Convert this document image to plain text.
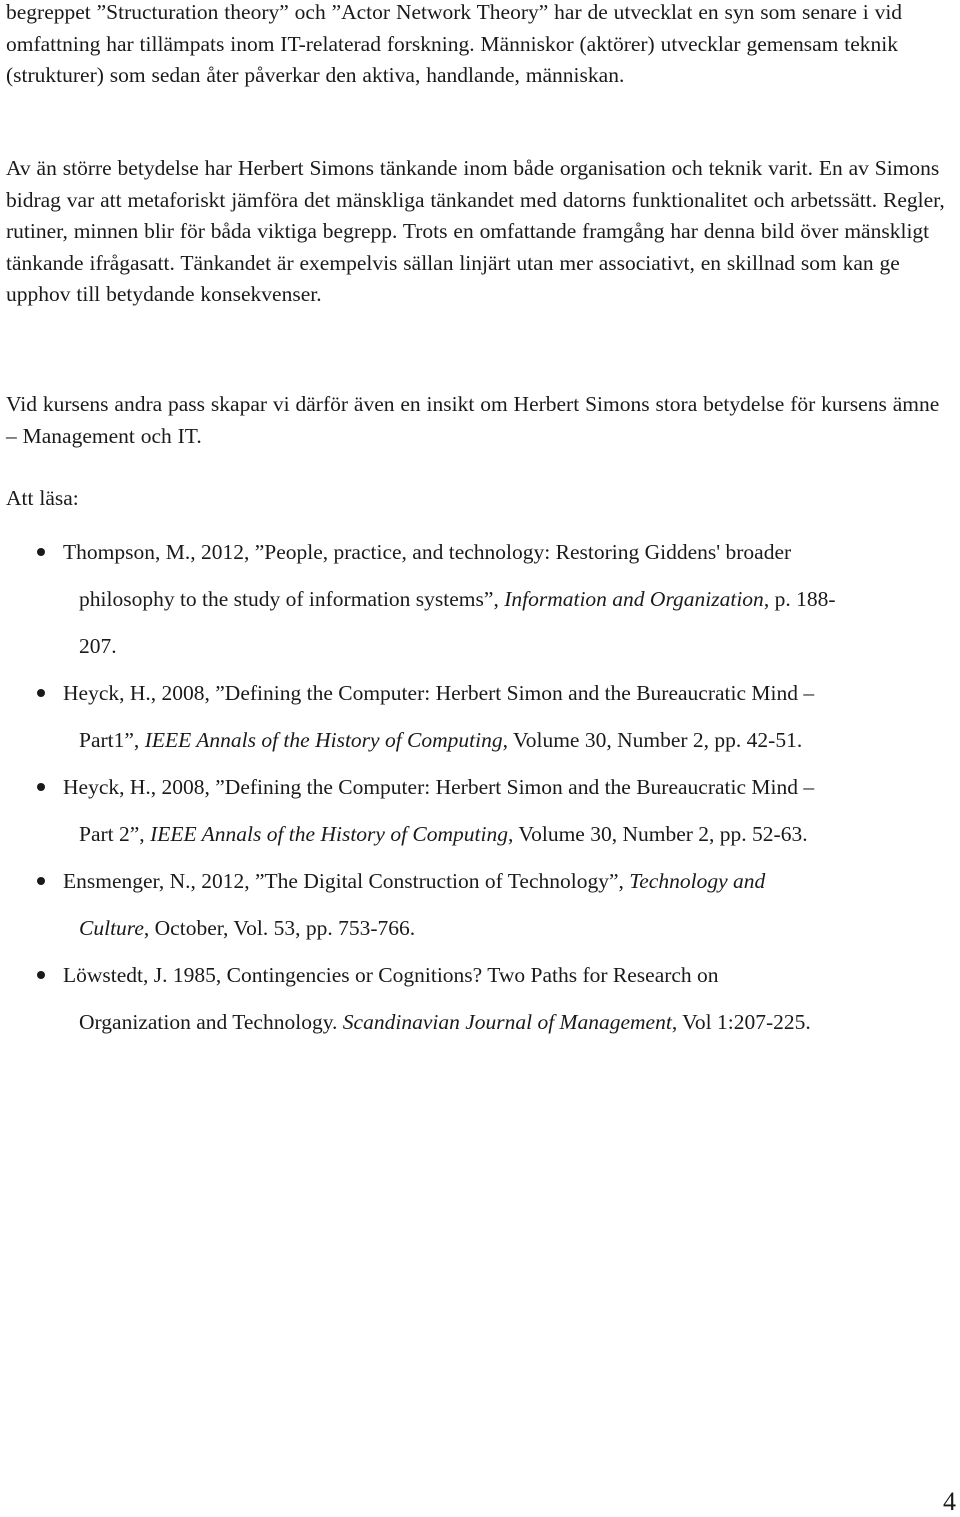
begreppet ”Structuration theory” och ”Actor Network Theory” har de utvecklat en syn som senare i vid omfattning har tillämpats inom IT-relaterad forskning. Människor (aktörer) utvecklar gemensam teknik (strukturer) som sedan åter påverkar den aktiva, handlande, människan.

Av än större betydelse har Herbert Simons tänkande inom både organisation och teknik varit. En av Simons bidrag var att metaforiskt jämföra det mänskliga tänkandet med datorns funktionalitet och arbetssätt. Regler, rutiner, minnen blir för båda viktiga begrepp. Trots en omfattande framgång har denna bild över mänskligt tänkande ifrågasatt. Tänkandet är exempelvis sällan linjärt utan mer associativt, en skillnad som kan ge upphov till betydande konsekvenser.

Vid kursens andra pass skapar vi därför även en insikt om Herbert Simons stora betydelse för kursens ämne – Management och IT.

Att läsa:

Thompson, M., 2012, ”People, practice, and technology: Restoring Giddens' broader
philosophy to the study of information systems”, Information and Organization, p. 188-
207.
Heyck, H., 2008, ”Defining the Computer: Herbert Simon and the Bureaucratic Mind –
Part1”, IEEE Annals of the History of Computing, Volume 30, Number 2, pp. 42-51.
Heyck, H., 2008, ”Defining the Computer: Herbert Simon and the Bureaucratic Mind –
Part 2”, IEEE Annals of the History of Computing, Volume 30, Number 2, pp. 52-63.
Ensmenger, N., 2012, ”The Digital Construction of Technology”, Technology and
Culture, October, Vol. 53, pp. 753-766.
Löwstedt, J. 1985, Contingencies or Cognitions? Two Paths for Research on
Organization and Technology. Scandinavian Journal of Management, Vol 1:207-225.
4
